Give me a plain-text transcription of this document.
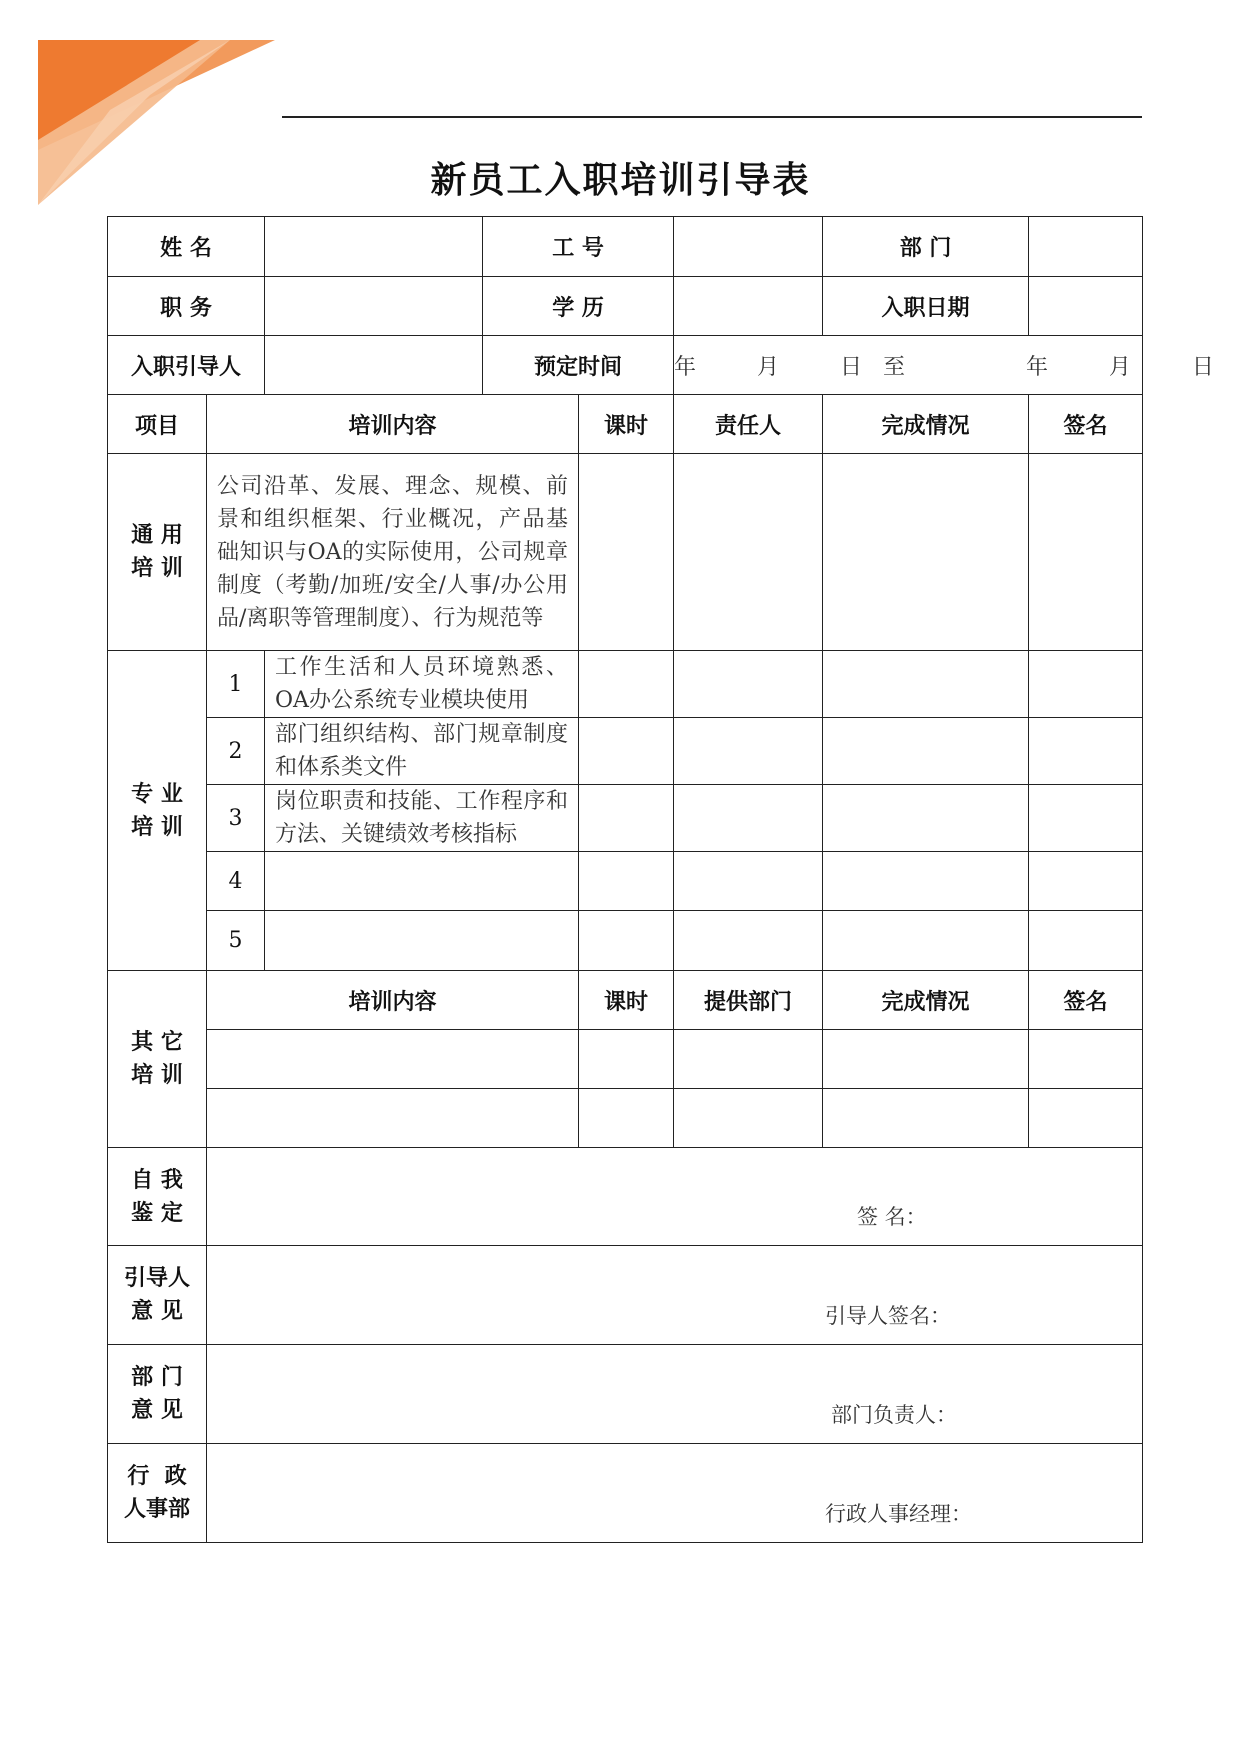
新员工入职培训引导表
姓 名			工 号			部 门	
职 务			学 历			入职日期	
入职引导人			预定时间		年   月   日 至      年   月   日		
项目	培训内容			课时	责任人	完成情况	签名

通 用
培 训	公司沿革、发展、理念、规模、前景和组织框架、行业概况，产品基础知识与OA的实际使用，公司规章制度（考勤/加班/安全/人事/办公用品/离职等管理制度）、行为规范等						

专 业
培 训	1	工作生活和人员环境熟悉、OA办公系统专业模块使用					
	2	部门组织结构、部门规章制度和体系类文件					
	3	岗位职责和技能、工作程序和方法、关键绩效考核指标					
	4						
	5						

其 它
培 训	培训内容			课时	提供部门	完成情况	签名

自 我
鉴 定	签 名：						

引导人
意 见	引导人签名：						

部 门
意 见	部门负责人：						

行  政
人事部	行政人事经理：						
